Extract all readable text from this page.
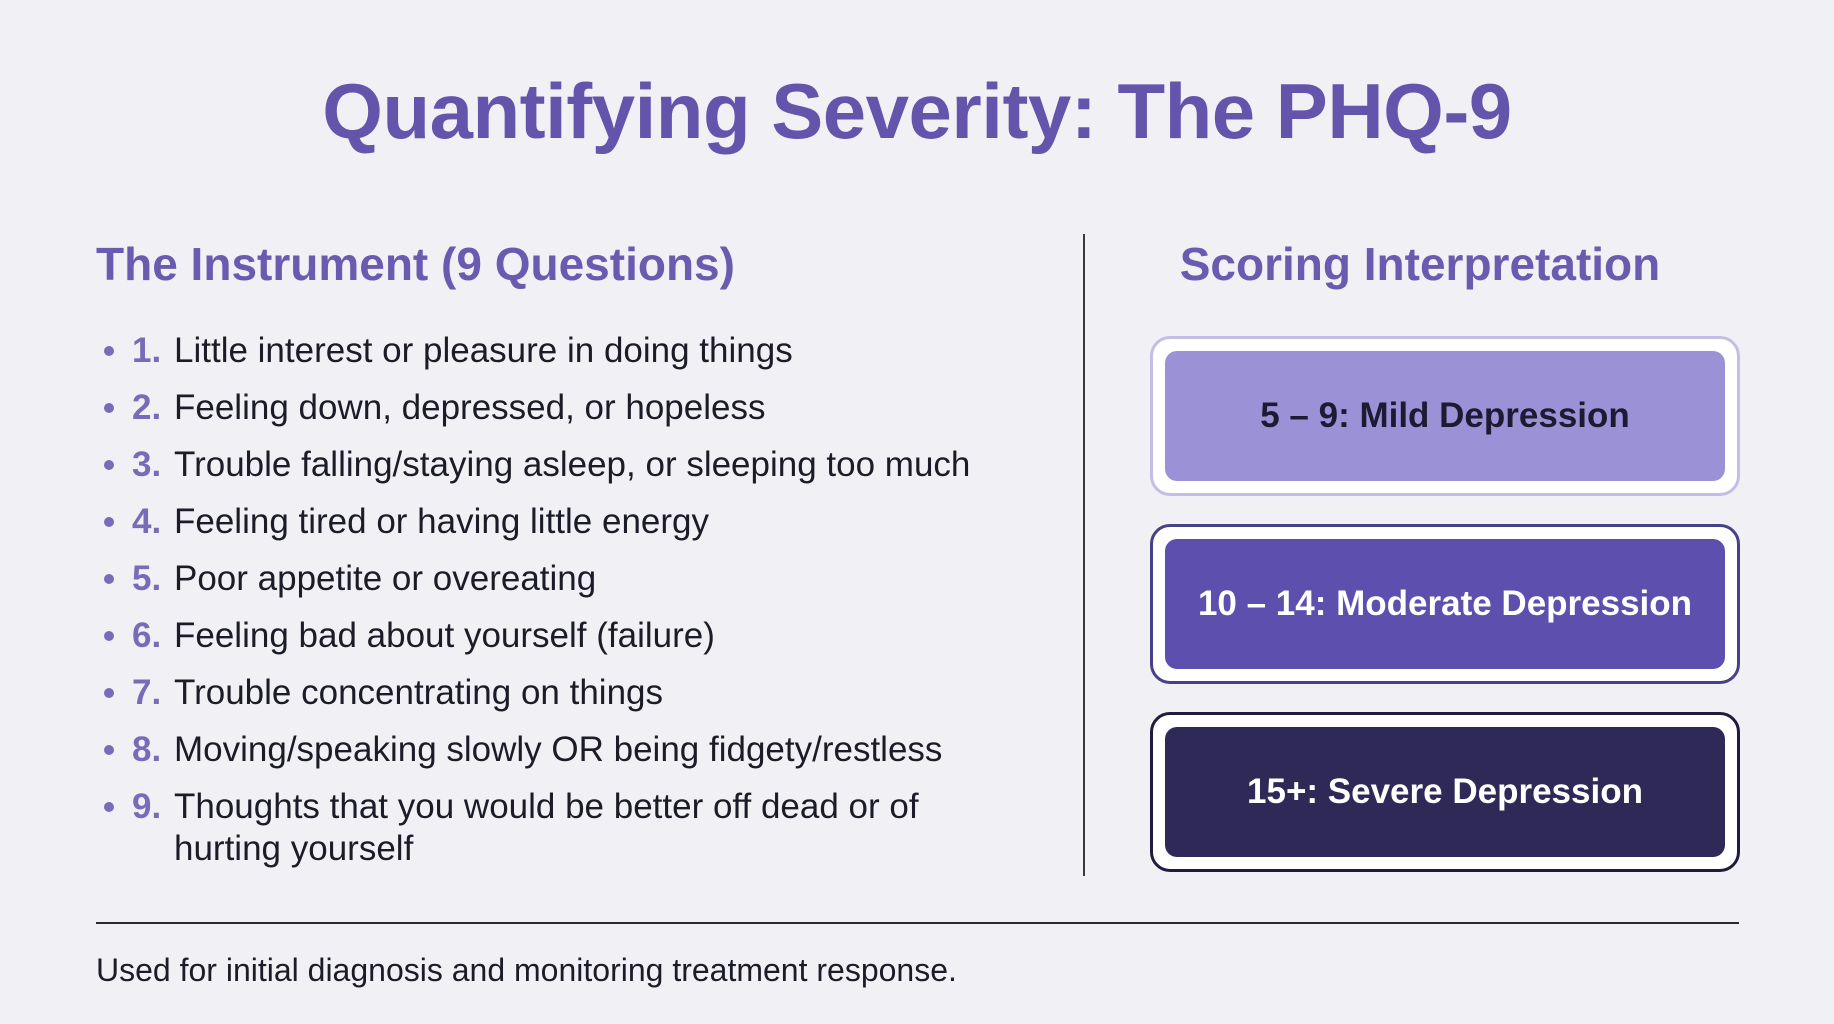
Quantifying Severity: The PHQ-9
The Instrument (9 Questions)
1. Little interest or pleasure in doing things
2. Feeling down, depressed, or hopeless
3. Trouble falling/staying asleep, or sleeping too much
4. Feeling tired or having little energy
5. Poor appetite or overeating
6. Feeling bad about yourself (failure)
7. Trouble concentrating on things
8. Moving/speaking slowly OR being fidgety/restless
9. Thoughts that you would be better off dead or of hurting yourself
Scoring Interpretation
5 – 9: Mild Depression
10 – 14: Moderate Depression
15+: Severe Depression

Used for initial diagnosis and monitoring treatment response.
